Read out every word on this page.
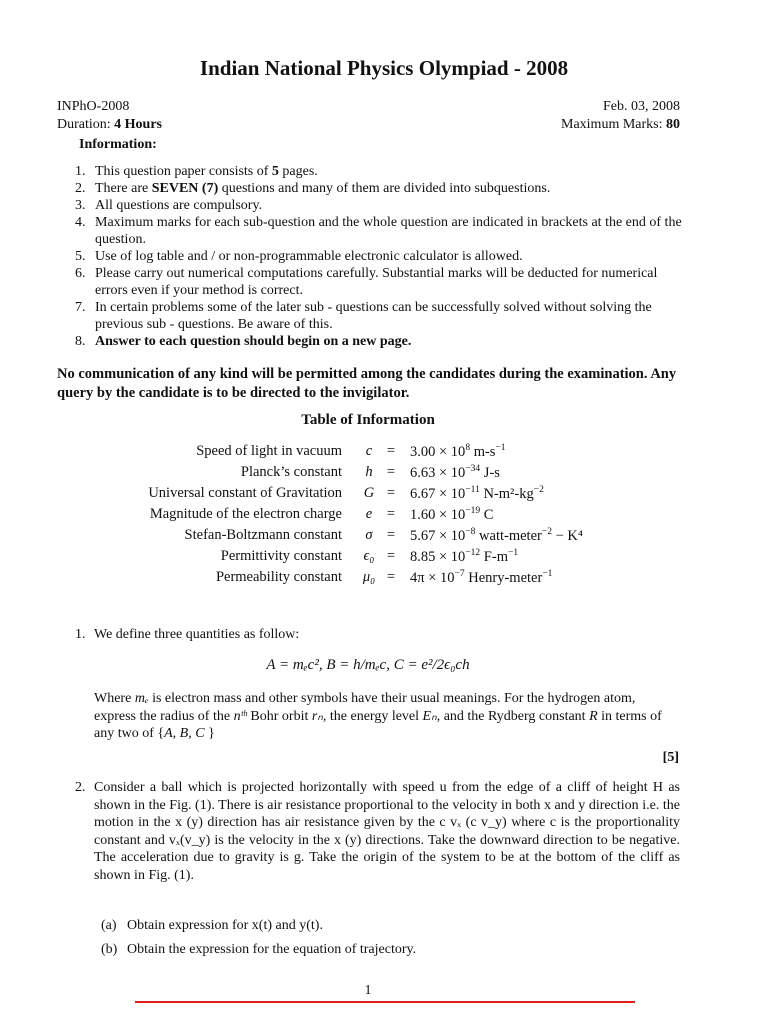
Indian National Physics Olympiad - 2008
INPhO-2008
Duration: 4 Hours
Feb. 03, 2008
Maximum Marks: 80
Information:
1. This question paper consists of 5 pages.
2. There are SEVEN (7) questions and many of them are divided into subquestions.
3. All questions are compulsory.
4. Maximum marks for each sub-question and the whole question are indicated in brackets at the end of the question.
5. Use of log table and / or non-programmable electronic calculator is allowed.
6. Please carry out numerical computations carefully. Substantial marks will be deducted for numerical errors even if your method is correct.
7. In certain problems some of the later sub - questions can be successfully solved without solving the previous sub - questions. Be aware of this.
8. Answer to each question should begin on a new page.
No communication of any kind will be permitted among the candidates during the examination. Any query by the candidate is to be directed to the invigilator.
Table of Information
Speed of light in vacuum	c	= $3.00 \times 10^8$ $m-s^{-1}$
Planck’s constant	$h = 6.63 \times 10^{-34}$ J-s
Universal constant of Gravitation	$G = 6.67 \times 10^{-11}$ $N-m^2-kg^{-2}$
Magnitude of the electron charge	e	= $1.60 \times 10^{-19}$ C
Stefan-Boltzmann constant	$\sigma = 5.67 \times 10^{-8}$ watt-meter$^{-2}$ − K⁴
Permittivity constant	$\epsilon_0 = 8.85 \times 10^{-12}$ $F-m^{-1}$
Permeability constant	$\mu_0 = 4\pi \times 10^{-7}$ Henry-meter$^{-1}$
1. We define three quantities as follow:
A = mₑc², B = h/mₑc, C = e²/2ϵ₀ch
Where mₑ is electron mass and other symbols have their usual meanings. For the hydrogen atom, express the radius of the nᵗʰ Bohr orbit rₙ, the energy level Eₙ, and the Rydberg constant R in terms of any two of {A, B, C }
[5]
2. Consider a ball which is projected horizontally with speed u from the edge of a cliff of height H as shown in the Fig. (1). There is air resistance proportional to the velocity in both x and y direction i.e. the motion in the x (y) direction has air resistance given by the c vₓ (c v_y) where c is the proportionality constant and vₓ(v_y) is the velocity in the x (y) directions. Take the downward direction to be negative. The acceleration due to gravity is g. Take the origin of the system to be at the bottom of the cliff as shown in Fig. (1).
(a) Obtain expression for x(t) and y(t).
(b) Obtain the expression for the equation of trajectory.
1
